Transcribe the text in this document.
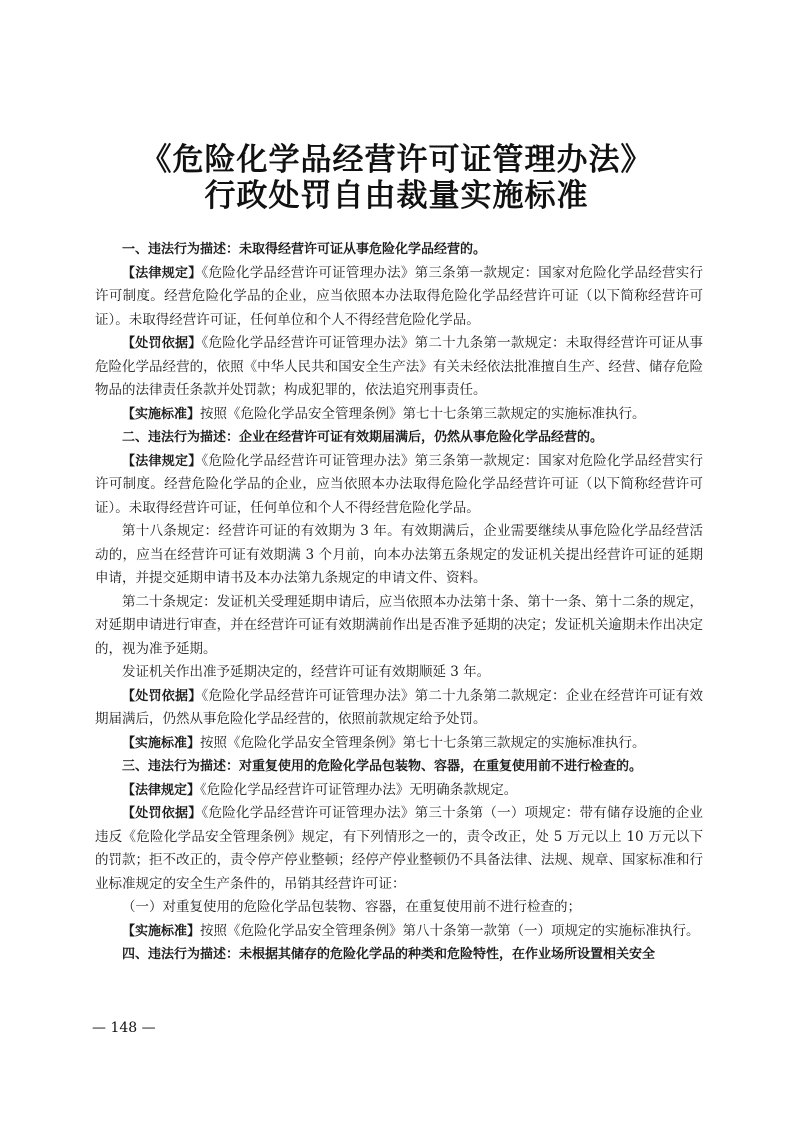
《危险化学品经营许可证管理办法》
行政处罚自由裁量实施标准

一、违法行为描述：未取得经营许可证从事危险化学品经营的。

【法律规定】《危险化学品经营许可证管理办法》第三条第一款规定：国家对危险化学品经营实行许可制度。经营危险化学品的企业，应当依照本办法取得危险化学品经营许可证（以下简称经营许可证）。未取得经营许可证，任何单位和个人不得经营危险化学品。

【处罚依据】《危险化学品经营许可证管理办法》第二十九条第一款规定：未取得经营许可证从事危险化学品经营的，依照《中华人民共和国安全生产法》有关未经依法批准擅自生产、经营、储存危险物品的法律责任条款并处罚款；构成犯罪的，依法追究刑事责任。

【实施标准】按照《危险化学品安全管理条例》第七十七条第三款规定的实施标准执行。

二、违法行为描述：企业在经营许可证有效期届满后，仍然从事危险化学品经营的。

【法律规定】《危险化学品经营许可证管理办法》第三条第一款规定：国家对危险化学品经营实行许可制度。经营危险化学品的企业，应当依照本办法取得危险化学品经营许可证（以下简称经营许可证）。未取得经营许可证，任何单位和个人不得经营危险化学品。

第十八条规定：经营许可证的有效期为 3 年。有效期满后，企业需要继续从事危险化学品经营活动的，应当在经营许可证有效期满 3 个月前，向本办法第五条规定的发证机关提出经营许可证的延期申请，并提交延期申请书及本办法第九条规定的申请文件、资料。

第二十条规定：发证机关受理延期申请后，应当依照本办法第十条、第十一条、第十二条的规定，对延期申请进行审查，并在经营许可证有效期满前作出是否准予延期的决定；发证机关逾期未作出决定的，视为准予延期。

发证机关作出准予延期决定的，经营许可证有效期顺延 3 年。

【处罚依据】《危险化学品经营许可证管理办法》第二十九条第二款规定：企业在经营许可证有效期届满后，仍然从事危险化学品经营的，依照前款规定给予处罚。

【实施标准】按照《危险化学品安全管理条例》第七十七条第三款规定的实施标准执行。

三、违法行为描述：对重复使用的危险化学品包装物、容器，在重复使用前不进行检查的。

【法律规定】《危险化学品经营许可证管理办法》无明确条款规定。

【处罚依据】《危险化学品经营许可证管理办法》第三十条第（一）项规定：带有储存设施的企业违反《危险化学品安全管理条例》规定，有下列情形之一的，责令改正，处 5 万元以上 10 万元以下的罚款；拒不改正的，责令停产停业整顿；经停产停业整顿仍不具备法律、法规、规章、国家标准和行业标准规定的安全生产条件的，吊销其经营许可证：

（一）对重复使用的危险化学品包装物、容器，在重复使用前不进行检查的；

【实施标准】按照《危险化学品安全管理条例》第八十条第一款第（一）项规定的实施标准执行。

四、违法行为描述：未根据其储存的危险化学品的种类和危险特性，在作业场所设置相关安全

— 148 —
